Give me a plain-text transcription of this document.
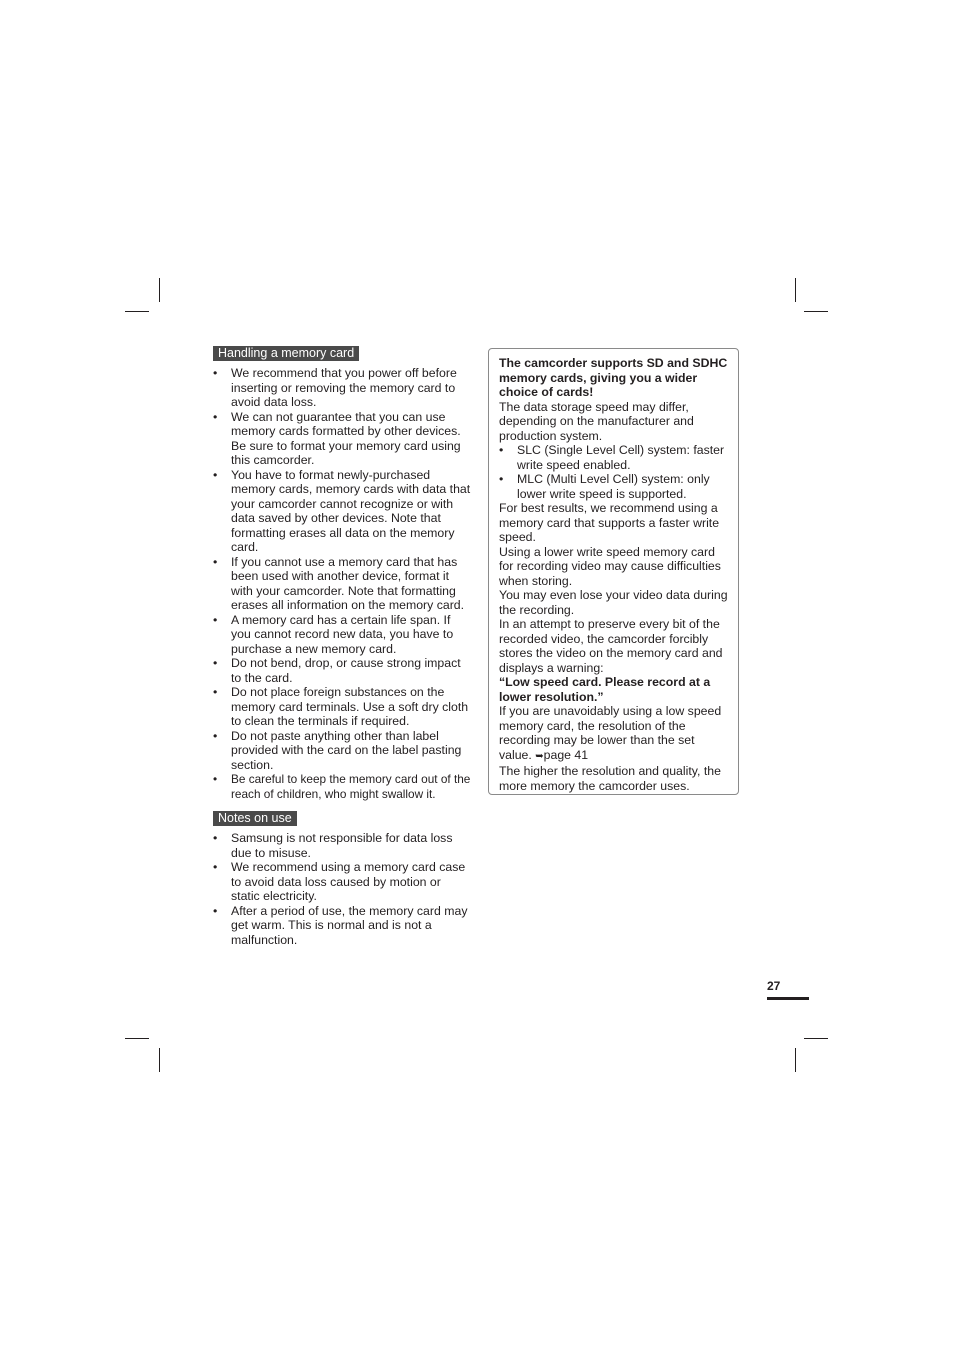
Handling a memory card
• We recommend that you power off before inserting or removing the memory card to avoid data loss.
• We can not guarantee that you can use memory cards formatted by other devices. Be sure to format your memory card using this camcorder.
• You have to format newly-purchased memory cards, memory cards with data that your camcorder cannot recognize or with data saved by other devices. Note that formatting erases all data on the memory card.
• If you cannot use a memory card that has been used with another device, format it with your camcorder. Note that formatting erases all information on the memory card.
• A memory card has a certain life span. If you cannot record new data, you have to purchase a new memory card.
• Do not bend, drop, or cause strong impact to the card.
• Do not place foreign substances on the memory card terminals. Use a soft dry cloth to clean the terminals if required.
• Do not paste anything other than label provided with the card on the label pasting section.
• Be careful to keep the memory card out of the reach of children, who might swallow it.
Notes on use
• Samsung is not responsible for data loss due to misuse.
• We recommend using a memory card case to avoid data loss caused by motion or static electricity.
• After a period of use, the memory card may get warm. This is normal and is not a malfunction.

The camcorder supports SD and SDHC memory cards, giving you a wider choice of cards!

The data storage speed may differ, depending on the manufacturer and production system.

• SLC (Single Level Cell) system: faster write speed enabled.
• MLC (Multi Level Cell) system: only lower write speed is supported.

For best results, we recommend using a memory card that supports a faster write speed.

Using a lower write speed memory card for recording video may cause difficulties when storing.

You may even lose your video data during the recording.

In an attempt to preserve every bit of the recorded video, the camcorder forcibly stores the video on the memory card and displays a warning:

“Low speed card. Please record at a lower resolution.”

If you are unavoidably using a low speed memory card, the resolution of the recording may be lower than the set value. ➥page 41

The higher the resolution and quality, the more memory the camcorder uses.

27
